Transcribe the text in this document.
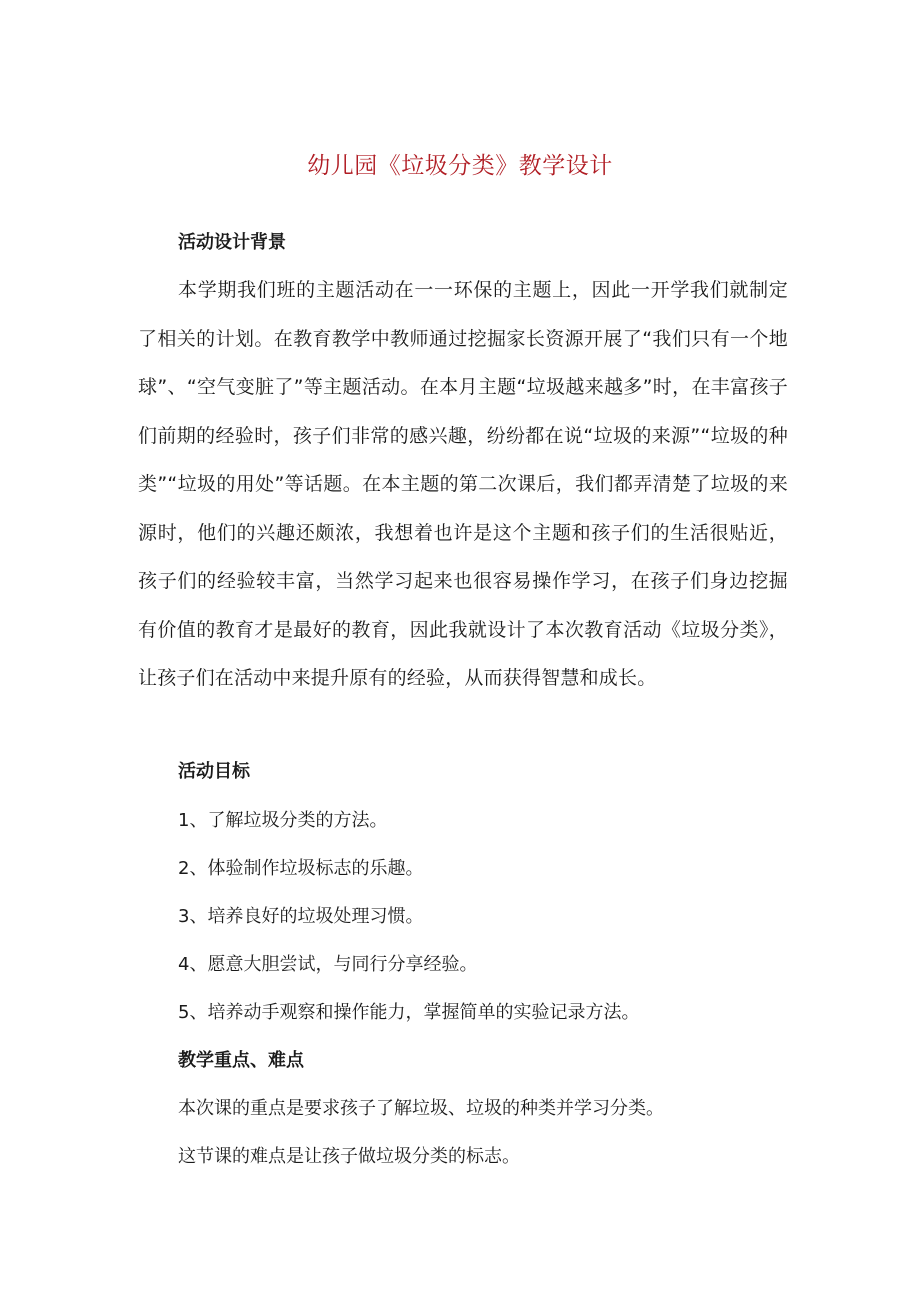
幼儿园《垃圾分类》教学设计
活动设计背景
本学期我们班的主题活动在一一环保的主题上，因此一开学我们就制定了相关的计划。在教育教学中教师通过挖掘家长资源开展了“我们只有一个地球”、“空气变脏了”等主题活动。在本月主题“垃圾越来越多”时，在丰富孩子们前期的经验时，孩子们非常的感兴趣，纷纷都在说“垃圾的来源”“垃圾的种类”“垃圾的用处”等话题。在本主题的第二次课后，我们都弄清楚了垃圾的来源时，他们的兴趣还颇浓，我想着也许是这个主题和孩子们的生活很贴近，孩子们的经验较丰富，当然学习起来也很容易操作学习，在孩子们身边挖掘有价值的教育才是最好的教育，因此我就设计了本次教育活动《垃圾分类》，让孩子们在活动中来提升原有的经验，从而获得智慧和成长。
活动目标
1、了解垃圾分类的方法。
2、体验制作垃圾标志的乐趣。
3、培养良好的垃圾处理习惯。
4、愿意大胆尝试，与同行分享经验。
5、培养动手观察和操作能力，掌握简单的实验记录方法。
教学重点、难点
本次课的重点是要求孩子了解垃圾、垃圾的种类并学习分类。
这节课的难点是让孩子做垃圾分类的标志。
